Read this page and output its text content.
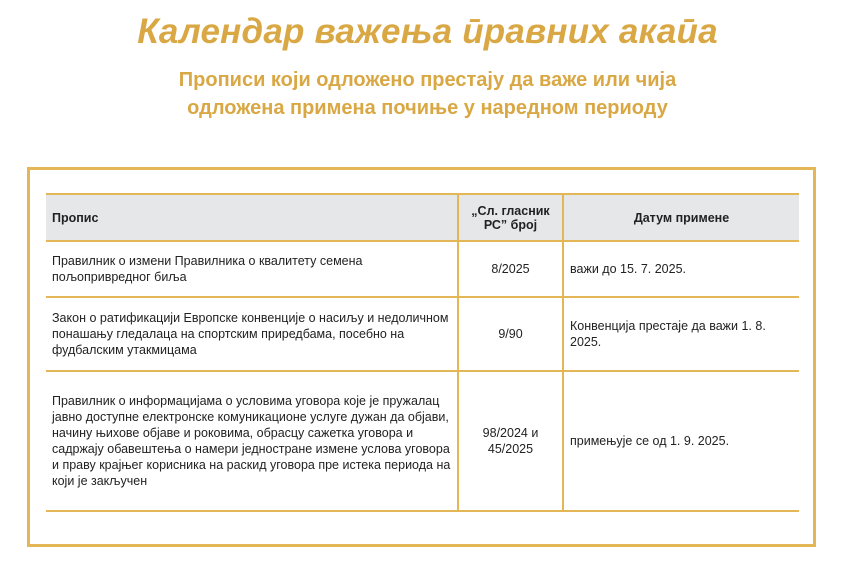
Календар важења ӣравних акаӣа
Прописи који одложено престају да важе или чија
одложена примена почиње у наредном периоду
Пропис	„Сл. гласник РС” број	Датум примене
Правилник о измени Правилника о квалитету семена пољопривредног биља	8/2025	важи до 15. 7. 2025.
Закон о ратификацији Европске конвенције о насиљу и недоличном понашању гледалаца на спортским приредбама, посебно на фудбалским утакмицама	9/90	Конвенција престаје да важи 1. 8. 2025.
Правилник о информацијама о условима уговора које је пружалац јавно доступне електронске комуникационе услуге дужан да објави, начину њихове објаве и роковима, обрасцу сажетка уговора и садржају обавештења о намери једностране измене услова уговора и праву крајњег корисника на раскид уговора пре истека периода на који је закључен	98/2024 и 45/2025	примењује се од 1. 9. 2025.
